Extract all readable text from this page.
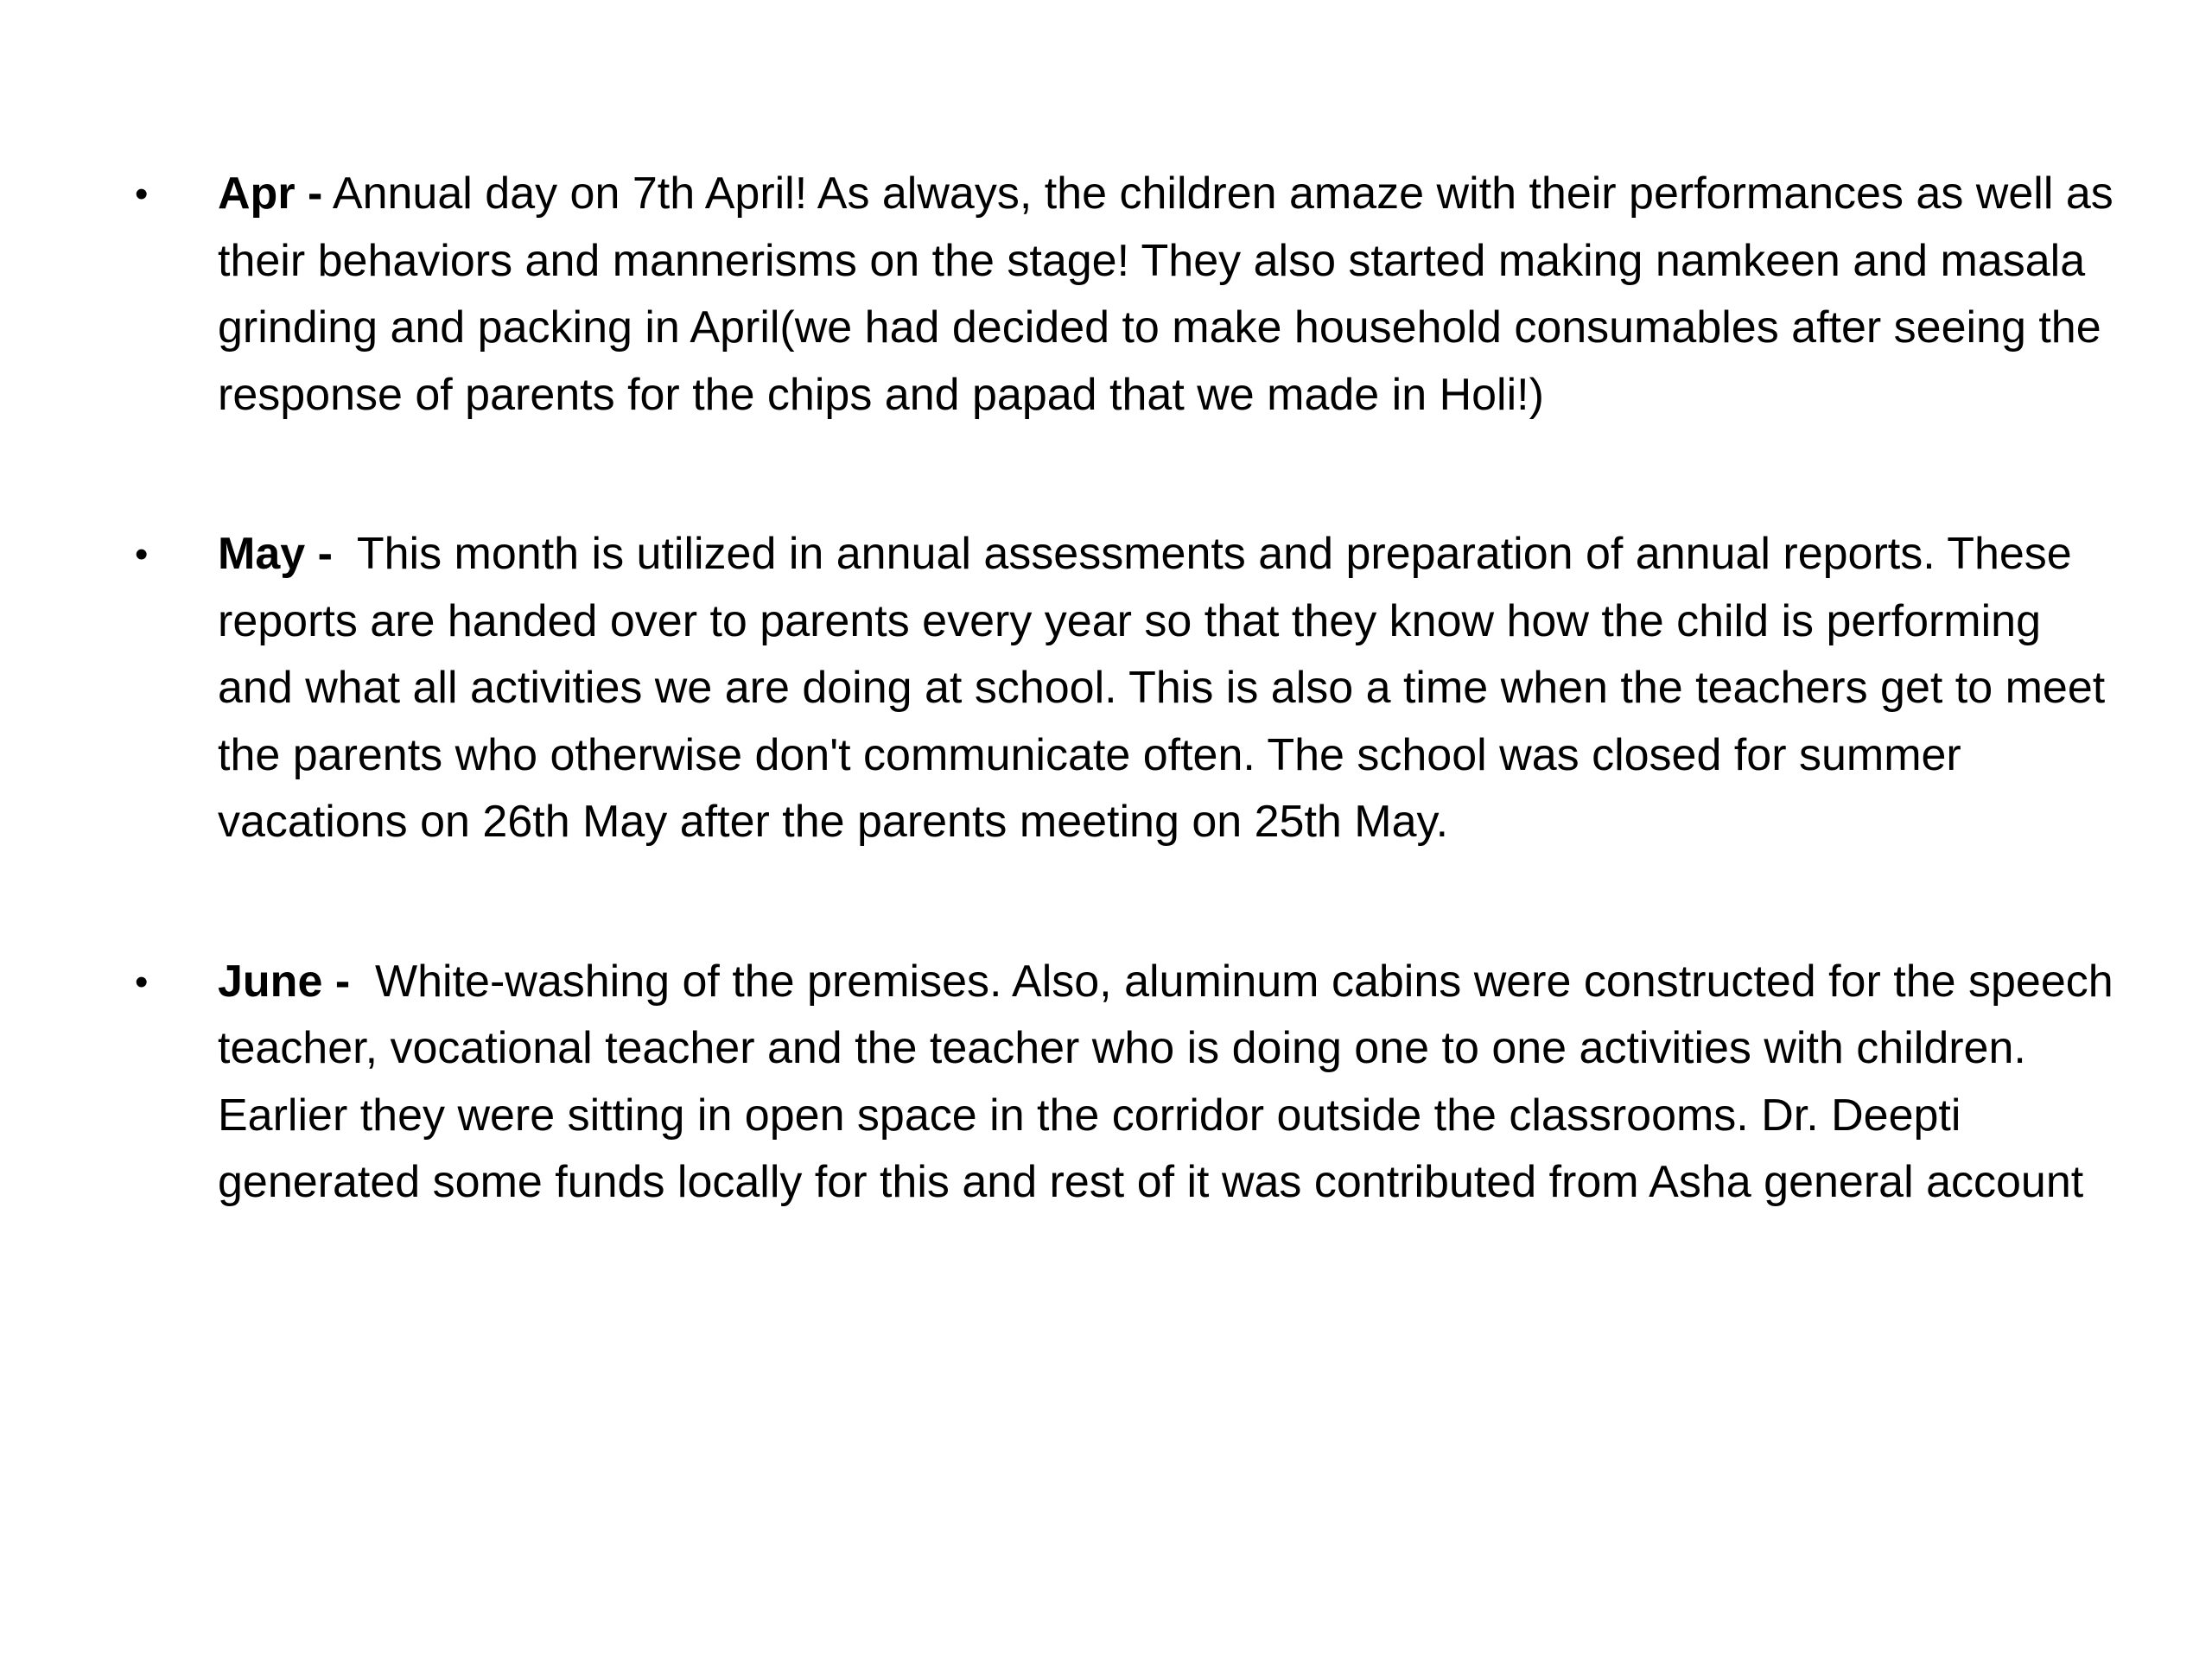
•	Apr - Annual day on 7th April! As always, the children amaze with their performances as well as their behaviors and mannerisms on the stage! They also started making namkeen and masala grinding and packing in April(we had decided to make household consumables after seeing the response of parents for the chips and papad that we made in Holi!)
•	May -  This month is utilized in annual assessments and preparation of annual reports. These reports are handed over to parents every year so that they know how the child is performing and what all activities we are doing at school. This is also a time when the teachers get to meet the parents who otherwise don't communicate often. The school was closed for summer vacations on 26th May after the parents meeting on 25th May.
•	June -  White-washing of the premises. Also, aluminum cabins were constructed for the speech teacher, vocational teacher and the teacher who is doing one to one activities with children. Earlier they were sitting in open space in the corridor outside the classrooms. Dr. Deepti generated some funds locally for this and rest of it was contributed from Asha general account
